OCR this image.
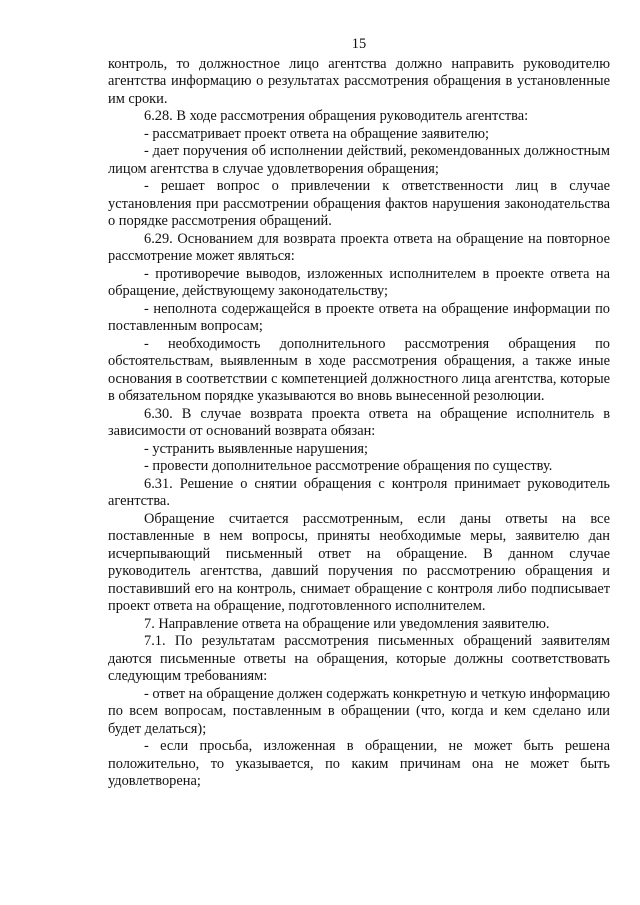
15

контроль, то должностное лицо агентства должно направить руководителю агентства информацию о результатах рассмотрения обращения в установленные им сроки.

6.28. В ходе рассмотрения обращения руководитель агентства:

- рассматривает проект ответа на обращение заявителю;

- дает поручения об исполнении действий, рекомендованных должностным лицом агентства в случае удовлетворения обращения;

- решает вопрос о привлечении к ответственности лиц в случае установления при рассмотрении обращения фактов нарушения законодательства о порядке рассмотрения обращений.

6.29. Основанием для возврата проекта ответа на обращение на повторное рассмотрение может являться:

- противоречие выводов, изложенных исполнителем в проекте ответа на обращение, действующему законодательству;

- неполнота содержащейся в проекте ответа на обращение информации по поставленным вопросам;

- необходимость дополнительного рассмотрения обращения по обстоятельствам, выявленным в ходе рассмотрения обращения, а также иные основания в соответствии с компетенцией должностного лица агентства, которые в обязательном порядке указываются во вновь вынесенной резолюции.

6.30. В случае возврата проекта ответа на обращение исполнитель в зависимости от оснований возврата обязан:

- устранить выявленные нарушения;

- провести дополнительное рассмотрение обращения по существу.

6.31. Решение о снятии обращения с контроля принимает руководитель агентства.

Обращение считается рассмотренным, если даны ответы на все поставленные в нем вопросы, приняты необходимые меры, заявителю дан исчерпывающий письменный ответ на обращение. В данном случае руководитель агентства, давший поручения по рассмотрению обращения и поставивший его на контроль, снимает обращение с контроля либо подписывает проект ответа на обращение, подготовленного исполнителем.

7. Направление ответа на обращение или уведомления заявителю.

7.1. По результатам рассмотрения письменных обращений заявителям даются письменные ответы на обращения, которые должны соответствовать следующим требованиям:

- ответ на обращение должен содержать конкретную и четкую информацию по всем вопросам, поставленным в обращении (что, когда и кем сделано или будет делаться);

- если просьба, изложенная в обращении, не может быть решена положительно, то указывается, по каким причинам она не может быть удовлетворена;
